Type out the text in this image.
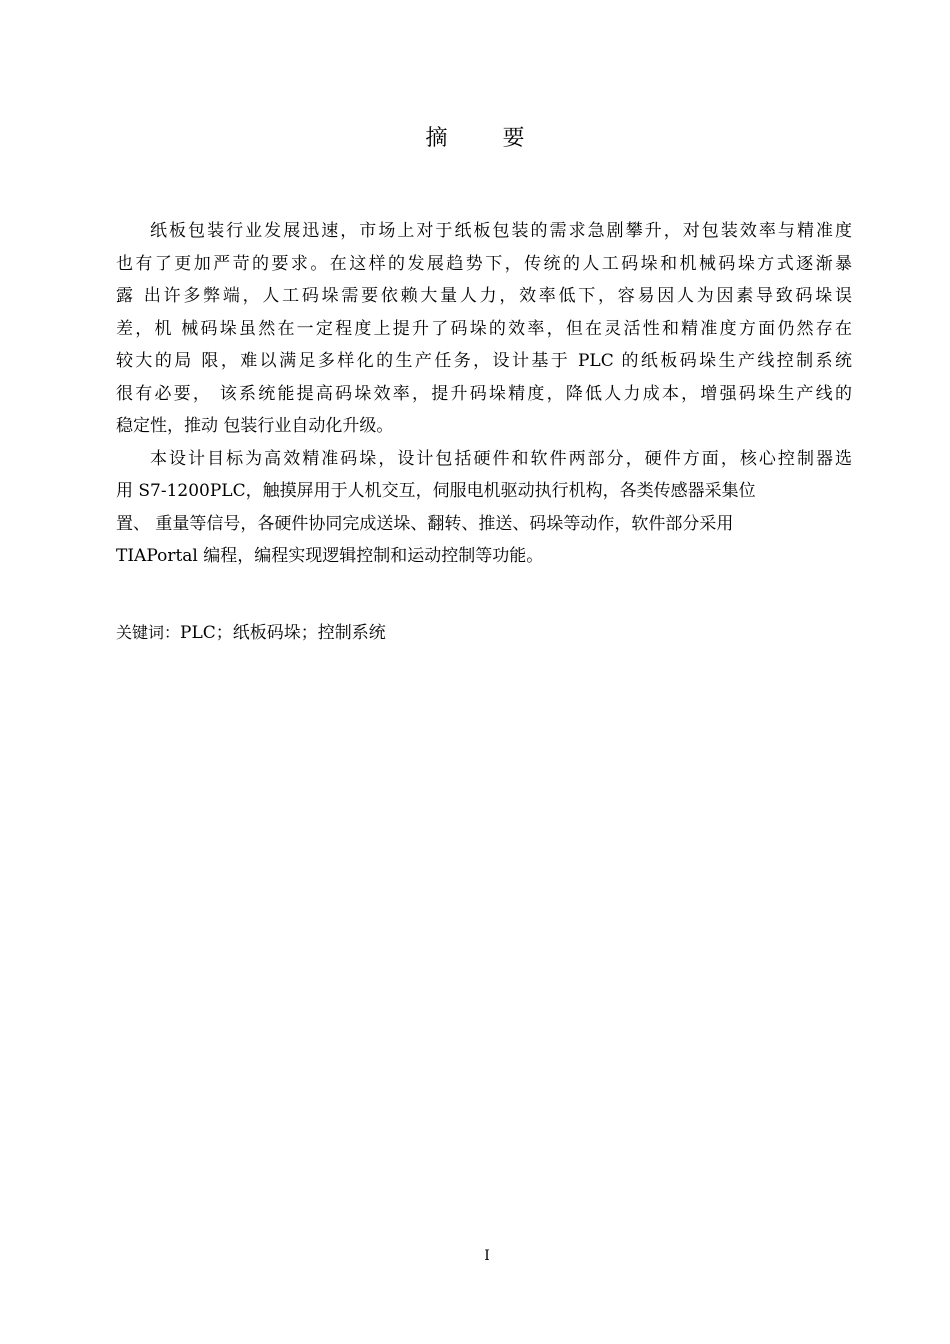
摘 要
纸板包装行业发展迅速，市场上对于纸板包装的需求急剧攀升，对包装效率与精准度
也有了更加严苛的要求。在这样的发展趋势下，传统的人工码垛和机械码垛方式逐渐暴
露 出许多弊端，人工码垛需要依赖大量人力，效率低下，容易因人为因素导致码垛误
差，机 械码垛虽然在一定程度上提升了码垛的效率，但在灵活性和精准度方面仍然存在
较大的局 限，难以满足多样化的生产任务，设计基于 PLC 的纸板码垛生产线控制系统
很有必要， 该系统能提高码垛效率，提升码垛精度，降低人力成本，增强码垛生产线的
稳定性，推动 包装行业自动化升级。
本设计目标为高效精准码垛，设计包括硬件和软件两部分，硬件方面，核心控制器选
用 S7-1200PLC，触摸屏用于人机交互，伺服电机驱动执行机构，各类传感器采集位
置、 重量等信号，各硬件协同完成送垛、翻转、推送、码垛等动作，软件部分采用
TIAPortal 编程，编程实现逻辑控制和运动控制等功能。
关键词：PLC；纸板码垛；控制系统
I
